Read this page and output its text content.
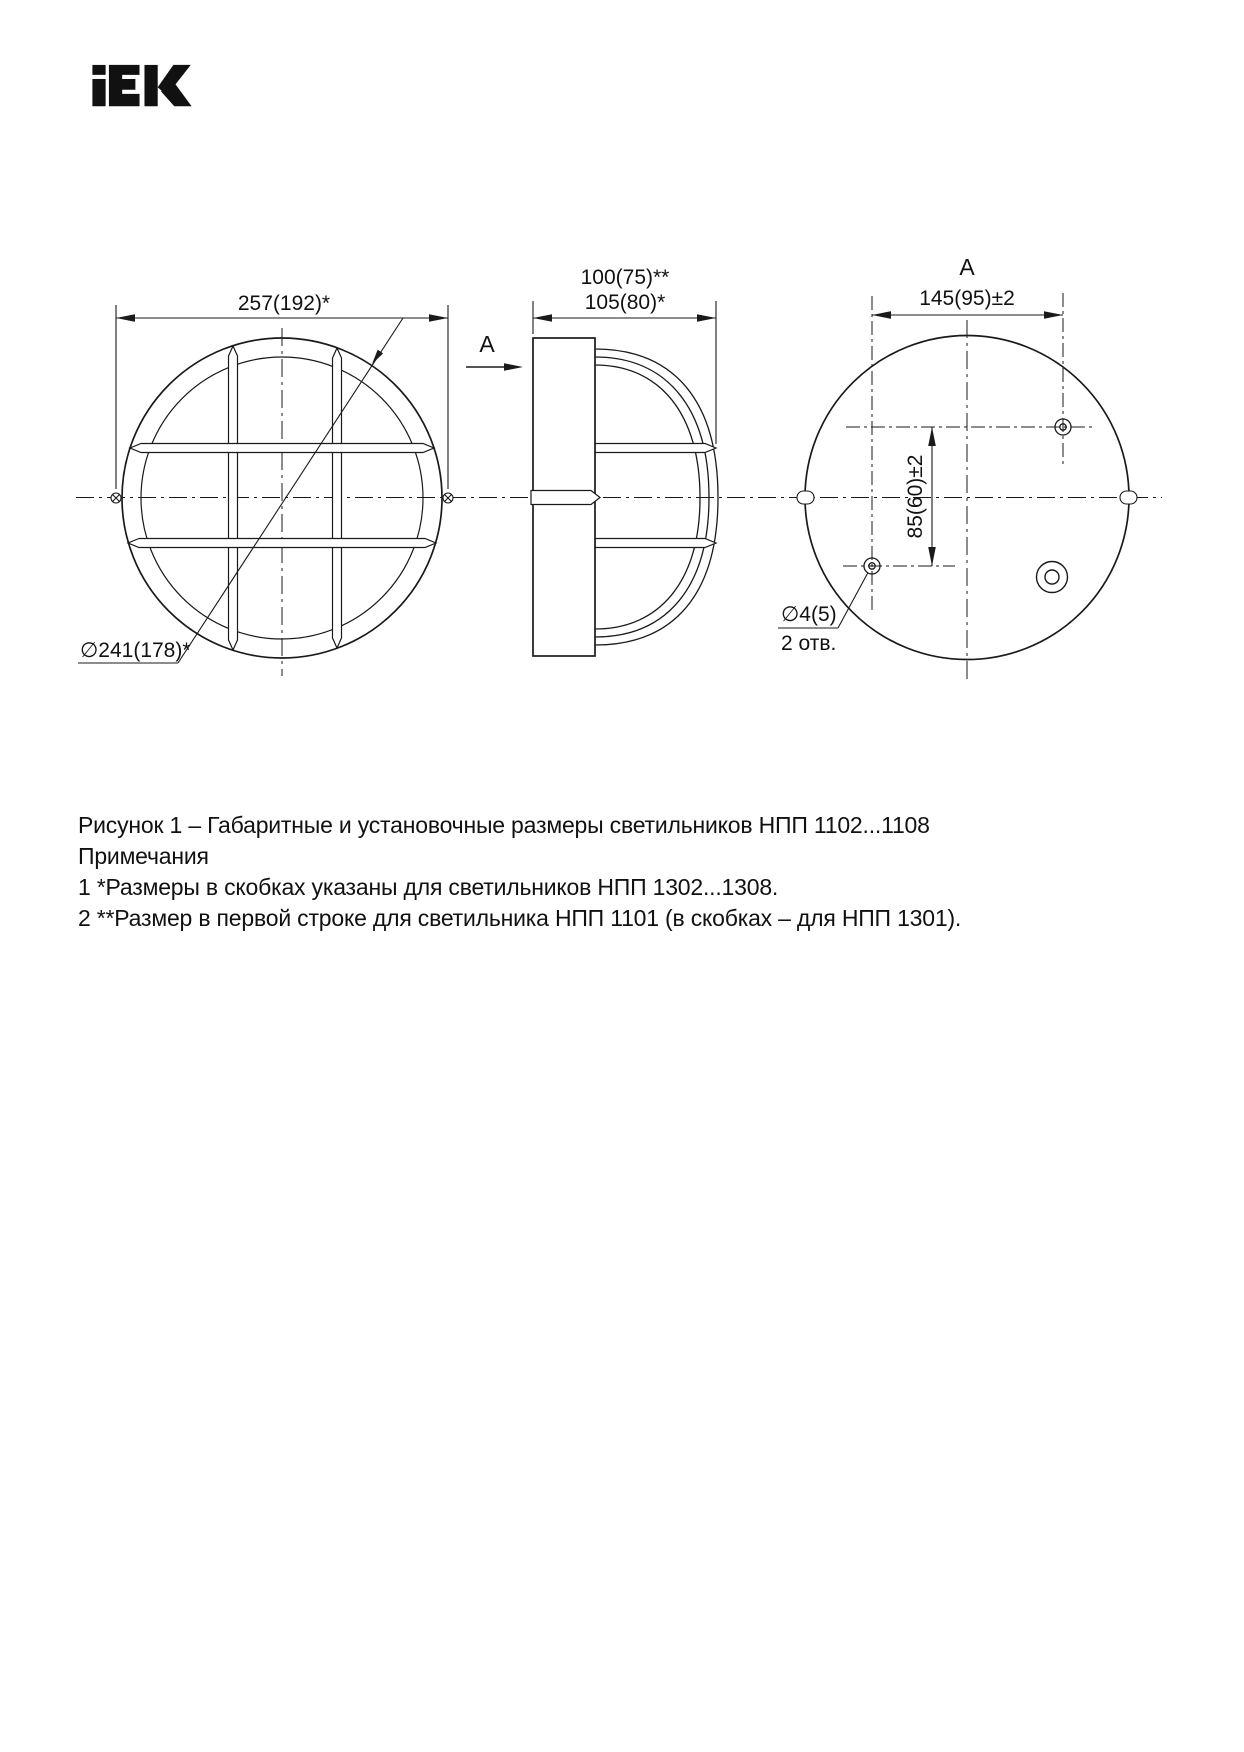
257(192)*
∅241(178)*
100(75)**
105(80)*
A
145(95)±2
A
85(60)±2
∅4(5)
2 отв.

Рисунок 1 – Габаритные и установочные размеры светильников НПП 1102...1108

Примечания

1 *Размеры в скобках указаны для светильников НПП 1302...1308.

2 **Размер в первой строке для светильника НПП 1101 (в скобках – для НПП 1301).
